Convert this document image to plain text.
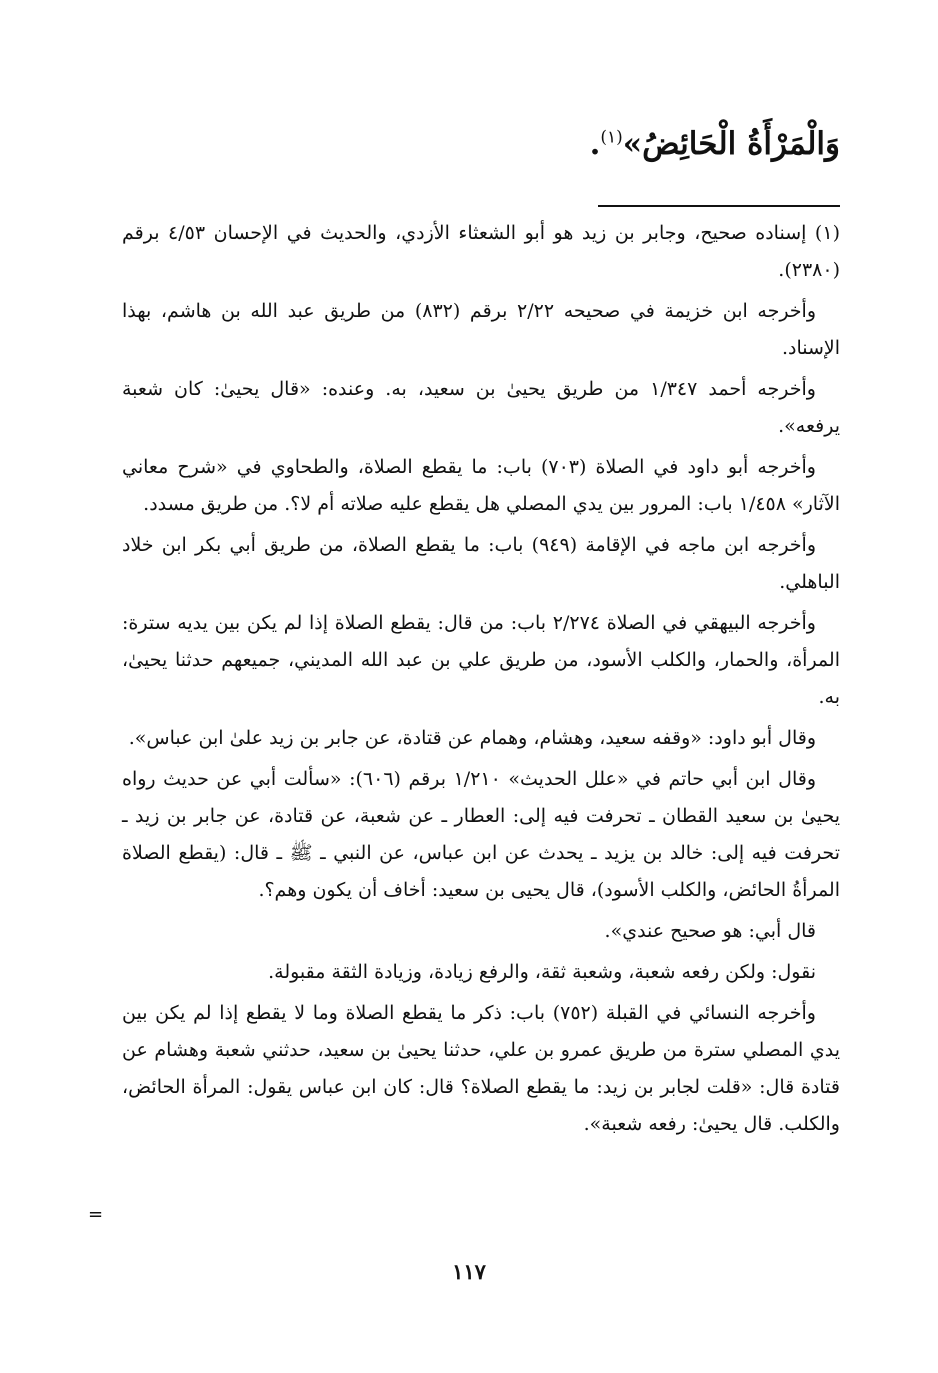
وَالْمَرْأَةُ الْحَائِضُ»$^{(١)}$.

(١) إسناده صحيح، وجابر بن زيد هو أبو الشعثاء الأزدي، والحديث في الإحسان ٤/٥٣ برقم (٢٣٨٠).

وأخرجه ابن خزيمة في صحيحه ٢/٢٢ برقم (٨٣٢) من طريق عبد الله بن هاشم، بهذا الإسناد.

وأخرجه أحمد ١/٣٤٧ من طريق يحيىٰ بن سعيد، به. وعنده: «قال يحيىٰ: كان شعبة يرفعه».

وأخرجه أبو داود في الصلاة (٧٠٣) باب: ما يقطع الصلاة، والطحاوي في «شرح معاني الآثار» ١/٤٥٨ باب: المرور بين يدي المصلي هل يقطع عليه صلاته أم لا؟. من طريق مسدد.

وأخرجه ابن ماجه في الإقامة (٩٤٩) باب: ما يقطع الصلاة، من طريق أبي بكر ابن خلاد الباهلي.

وأخرجه البيهقي في الصلاة ٢/٢٧٤ باب: من قال: يقطع الصلاة إذا لم يكن بين يديه سترة: المرأة، والحمار، والكلب الأسود، من طريق علي بن عبد الله المديني، جميعهم حدثنا يحيىٰ، به.

وقال أبو داود: «وقفه سعيد، وهشام، وهمام عن قتادة، عن جابر بن زيد علىٰ ابن عباس».

وقال ابن أبي حاتم في «علل الحديث» ١/٢١٠ برقم (٦٠٦): «سألت أبي عن حديث رواه يحيىٰ بن سعيد القطان ـ تحرفت فيه إلى: العطار ـ عن شعبة، عن قتادة، عن جابر بن زيد ـ تحرفت فيه إلى: خالد بن يزيد ـ يحدث عن ابن عباس، عن النبي ـ ﷺ ـ قال: (يقطع الصلاة المرأةُ الحائض، والكلب الأسود)، قال يحيى بن سعيد: أخاف أن يكون وهم؟.

قال أبي: هو صحيح عندي».

نقول: ولكن رفعه شعبة، وشعبة ثقة، والرفع زيادة، وزيادة الثقة مقبولة.

وأخرجه النسائي في القبلة (٧٥٢) باب: ذكر ما يقطع الصلاة وما لا يقطع إذا لم يكن بين يدي المصلي سترة من طريق عمرو بن علي، حدثنا يحيىٰ بن سعيد، حدثني شعبة وهشام عن قتادة قال: «قلت لجابر بن زيد: ما يقطع الصلاة؟ قال: كان ابن عباس يقول: المرأة الحائض، والكلب. قال يحيىٰ: رفعه شعبة».

=
١١٧
